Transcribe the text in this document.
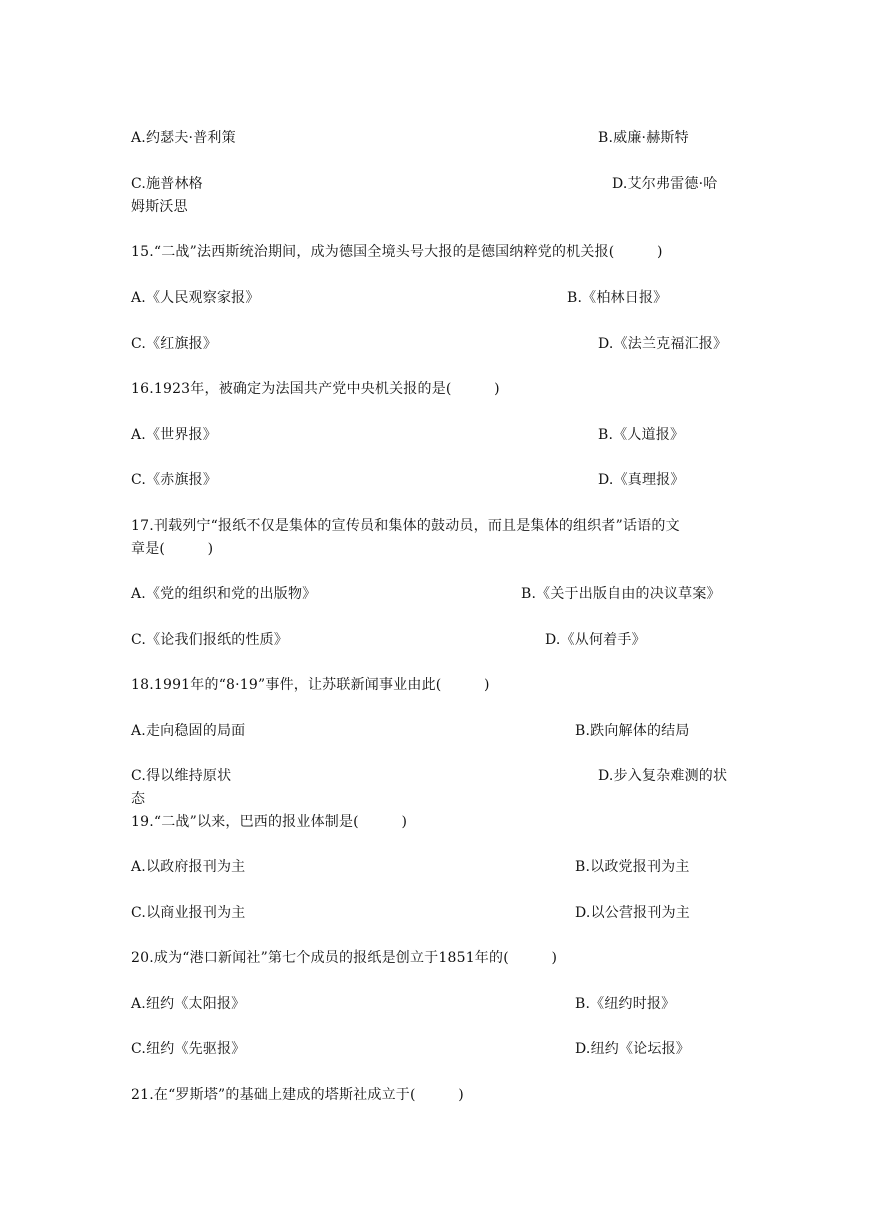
A.约瑟夫·普利策	B.威廉·赫斯特
C.施普林格	D.艾尔弗雷德·哈
姆斯沃思
15.“二战”法西斯统治期间，成为德国全境头号大报的是德国纳粹党的机关报(　　　)
A.《人民观察家报》	B.《柏林日报》
C.《红旗报》	D.《法兰克福汇报》
16.1923年，被确定为法国共产党中央机关报的是(　　　)
A.《世界报》	B.《人道报》
C.《赤旗报》	D.《真理报》
17.刊载列宁“报纸不仅是集体的宣传员和集体的鼓动员，而且是集体的组织者”话语的文
章是(　　　)
A.《党的组织和党的出版物》	B.《关于出版自由的决议草案》
C.《论我们报纸的性质》	D.《从何着手》
18.1991年的“8·19”事件，让苏联新闻事业由此(　　　)
A.走向稳固的局面	B.跌向解体的结局
C.得以维持原状	D.步入复杂难测的状
态
19.“二战”以来，巴西的报业体制是(　　　)
A.以政府报刊为主	B.以政党报刊为主
C.以商业报刊为主	D.以公营报刊为主
20.成为“港口新闻社”第七个成员的报纸是创立于1851年的(　　　)
A.纽约《太阳报》	B.《纽约时报》
C.纽约《先驱报》	D.纽约《论坛报》
21.在“罗斯塔”的基础上建成的塔斯社成立于(　　　)
